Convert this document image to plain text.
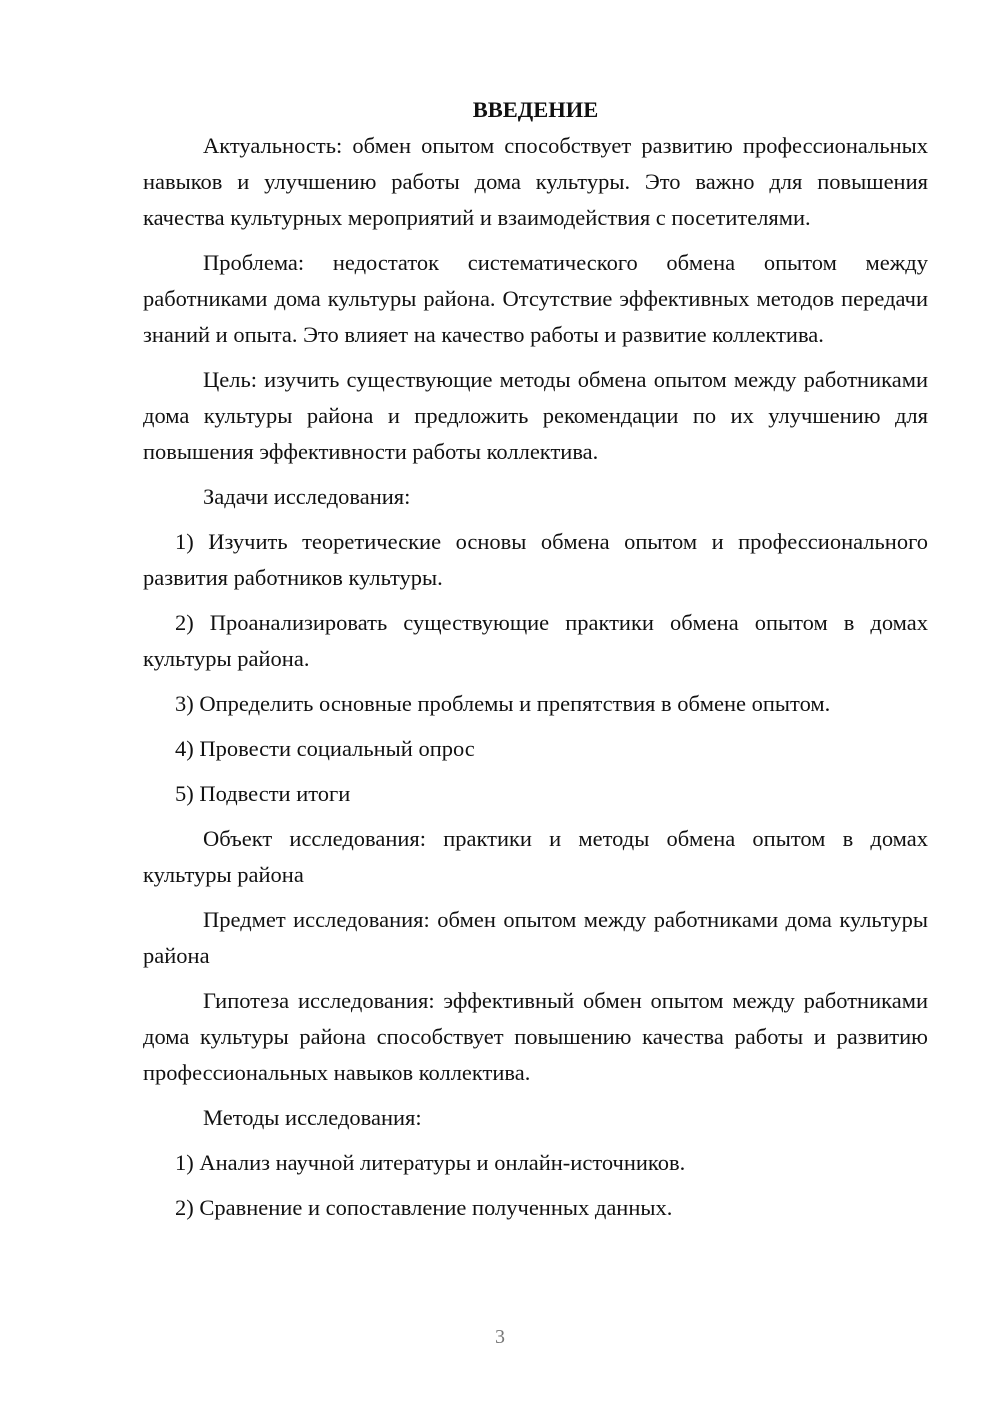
ВВЕДЕНИЕ

Актуальность: обмен опытом способствует развитию профессиональных навыков и улучшению работы дома культуры. Это важно для повышения качества культурных мероприятий и взаимодействия с посетителями.

Проблема: недостаток систематического обмена опытом между работниками дома культуры района. Отсутствие эффективных методов передачи знаний и опыта. Это влияет на качество работы и развитие коллектива.

Цель: изучить существующие методы обмена опытом между работниками дома культуры района и предложить рекомендации по их улучшению для повышения эффективности работы коллектива.

Задачи исследования:

1) Изучить теоретические основы обмена опытом и профессионального развития работников культуры.

2) Проанализировать существующие практики обмена опытом в домах культуры района.

3) Определить основные проблемы и препятствия в обмене опытом.

4) Провести социальный опрос

5) Подвести итоги

Объект исследования: практики и методы обмена опытом в домах культуры района

Предмет исследования: обмен опытом между работниками дома культуры района

Гипотеза исследования: эффективный обмен опытом между работниками дома культуры района способствует повышению качества работы и развитию профессиональных навыков коллектива.

Методы исследования:

1) Анализ научной литературы и онлайн-источников.

2) Сравнение и сопоставление полученных данных.

3
